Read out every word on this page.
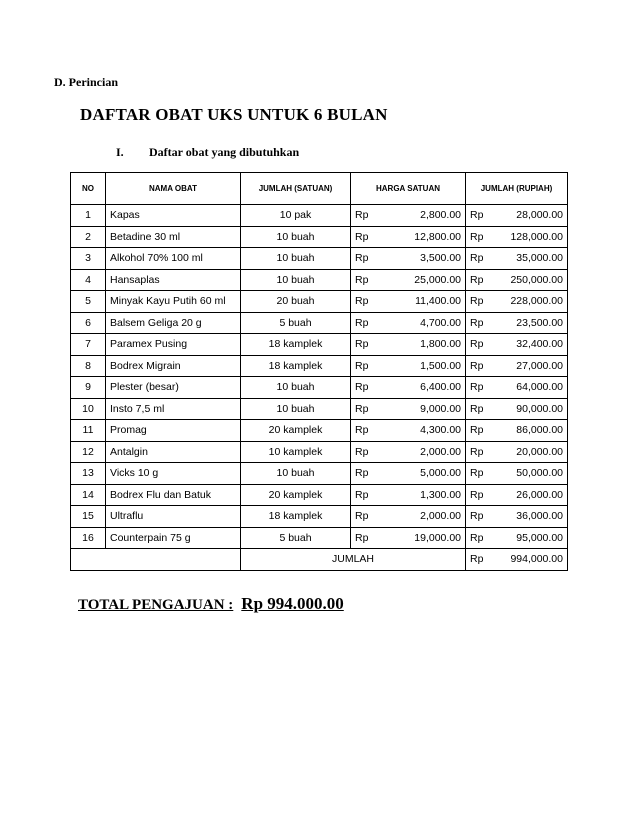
D. Perincian
DAFTAR OBAT UKS UNTUK 6 BULAN
I. Daftar obat yang dibutuhkan
NO	NAMA OBAT	JUMLAH (SATUAN)	HARGA SATUAN		JUMLAH (RUPIAH)	
1	Kapas	10 pak	Rp	2,800.00	Rp	28,000.00
2	Betadine 30 ml	10 buah	Rp	12,800.00	Rp	128,000.00
3	Alkohol 70% 100 ml	10 buah	Rp	3,500.00	Rp	35,000.00
4	Hansaplas	10 buah	Rp	25,000.00	Rp	250,000.00
5	Minyak Kayu Putih 60 ml	20 buah	Rp	11,400.00	Rp	228,000.00
6	Balsem Geliga 20 g	5 buah	Rp	4,700.00	Rp	23,500.00
7	Paramex Pusing	18 kamplek	Rp	1,800.00	Rp	32,400.00
8	Bodrex Migrain	18 kamplek	Rp	1,500.00	Rp	27,000.00
9	Plester (besar)	10 buah	Rp	6,400.00	Rp	64,000.00
10	Insto 7,5 ml	10 buah	Rp	9,000.00	Rp	90,000.00
11	Promag	20 kamplek	Rp	4,300.00	Rp	86,000.00
12	Antalgin	10 kamplek	Rp	2,000.00	Rp	20,000.00
13	Vicks 10 g	10 buah	Rp	5,000.00	Rp	50,000.00
14	Bodrex Flu dan Batuk	20 kamplek	Rp	1,300.00	Rp	26,000.00
15	Ultraflu	18 kamplek	Rp	2,000.00	Rp	36,000.00
16	Counterpain 75 g	5 buah	Rp	19,000.00	Rp	95,000.00
		JUMLAH			Rp	994,000.00
TOTAL PENGAJUAN : Rp 994.000.00
